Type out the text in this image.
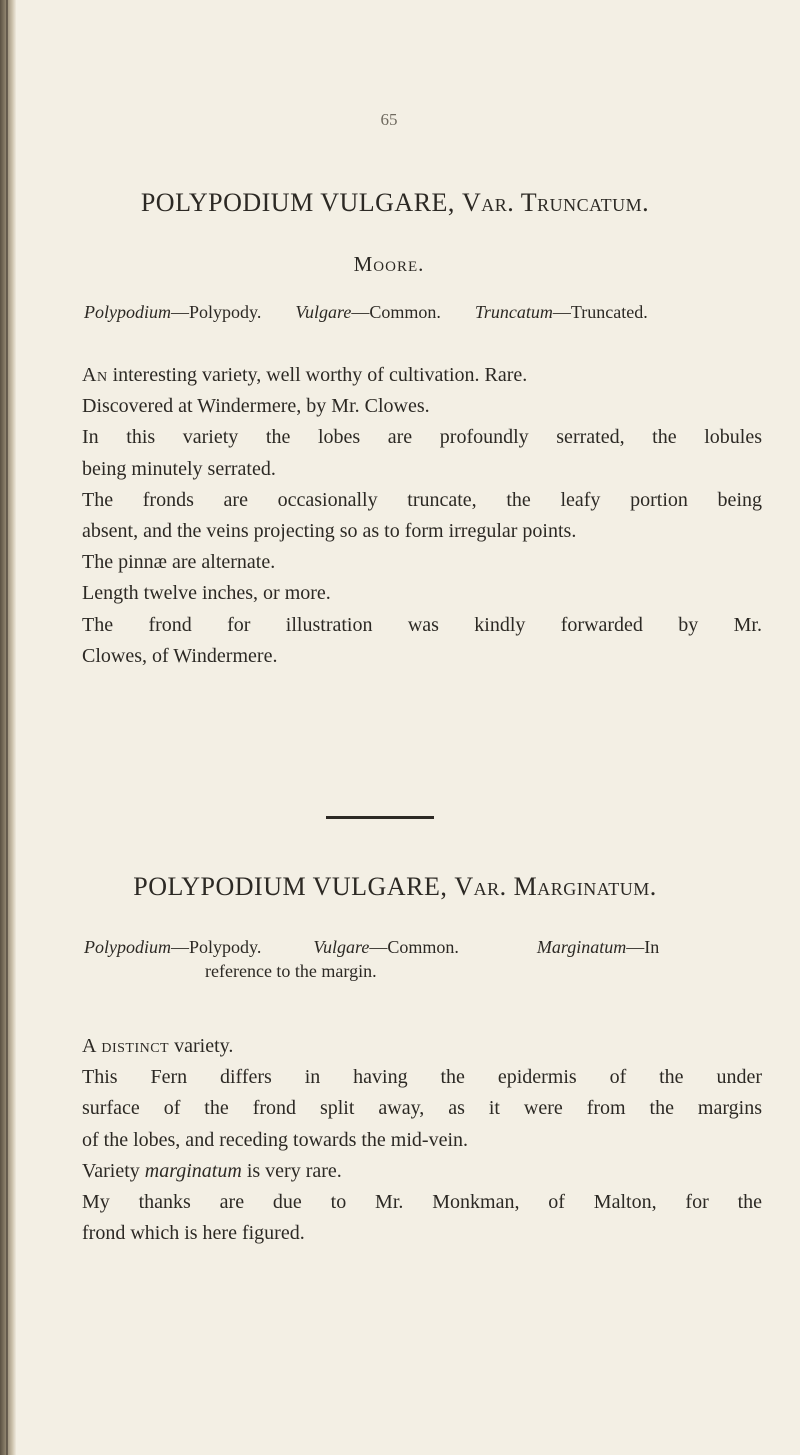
65
POLYPODIUM VULGARE, Var. Truncatum.
Moore.
Polypodium—Polypody. Vulgare—Common. Truncatum—Truncated.
An interesting variety, well worthy of cultivation. Rare.
Discovered at Windermere, by Mr. Clowes.
In this variety the lobes are profoundly serrated, the lobules
being minutely serrated.
The fronds are occasionally truncate, the leafy portion being
absent, and the veins projecting so as to form irregular points.
The pinnæ are alternate.
Length twelve inches, or more.
The frond for illustration was kindly forwarded by Mr.
Clowes, of Windermere.
POLYPODIUM VULGARE, Var. Marginatum.
Polypodium—Polypody.	Vulgare—Common.	Marginatum—In
reference to the margin.
A distinct variety.
This Fern differs in having the epidermis of the under
surface of the frond split away, as it were from the margins
of the lobes, and receding towards the mid-vein.
Variety marginatum is very rare.
My thanks are due to Mr. Monkman, of Malton, for the
frond which is here figured.
